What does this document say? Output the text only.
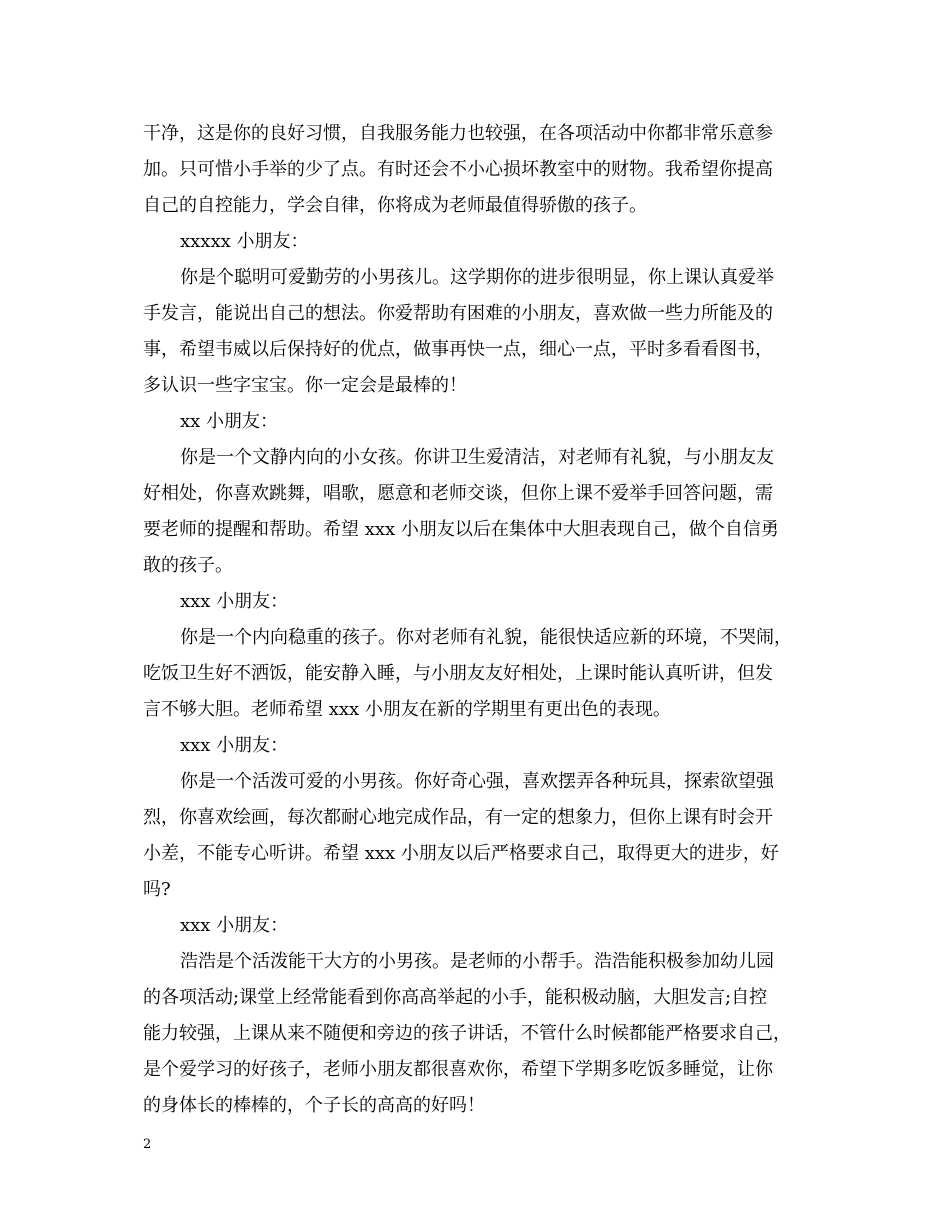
干净，这是你的良好习惯，自我服务能力也较强，在各项活动中你都非常乐意参
加。只可惜小手举的少了点。有时还会不小心损坏教室中的财物。我希望你提高
自己的自控能力，学会自律，你将成为老师最值得骄傲的孩子。

xxxxx 小朋友：

你是个聪明可爱勤劳的小男孩儿。这学期你的进步很明显，你上课认真爱举
手发言，能说出自己的想法。你爱帮助有困难的小朋友，喜欢做一些力所能及的
事，希望韦威以后保持好的优点，做事再快一点，细心一点，平时多看看图书，
多认识一些字宝宝。你一定会是最棒的！

xx 小朋友：

你是一个文静内向的小女孩。你讲卫生爱清洁，对老师有礼貌，与小朋友友
好相处，你喜欢跳舞，唱歌，愿意和老师交谈，但你上课不爱举手回答问题，需
要老师的提醒和帮助。希望 xxx 小朋友以后在集体中大胆表现自己，做个自信勇
敢的孩子。

xxx 小朋友：

你是一个内向稳重的孩子。你对老师有礼貌，能很快适应新的环境，不哭闹，
吃饭卫生好不洒饭，能安静入睡，与小朋友友好相处，上课时能认真听讲，但发
言不够大胆。老师希望 xxx 小朋友在新的学期里有更出色的表现。

xxx 小朋友：

你是一个活泼可爱的小男孩。你好奇心强，喜欢摆弄各种玩具，探索欲望强
烈，你喜欢绘画，每次都耐心地完成作品，有一定的想象力，但你上课有时会开
小差，不能专心听讲。希望 xxx 小朋友以后严格要求自己，取得更大的进步，好
吗?

xxx 小朋友：

浩浩是个活泼能干大方的小男孩。是老师的小帮手。浩浩能积极参加幼儿园
的各项活动;课堂上经常能看到你高高举起的小手，能积极动脑，大胆发言;自控
能力较强，上课从来不随便和旁边的孩子讲话，不管什么时候都能严格要求自己，
是个爱学习的好孩子，老师小朋友都很喜欢你，希望下学期多吃饭多睡觉，让你
的身体长的棒棒的，个子长的高高的好吗！

2
